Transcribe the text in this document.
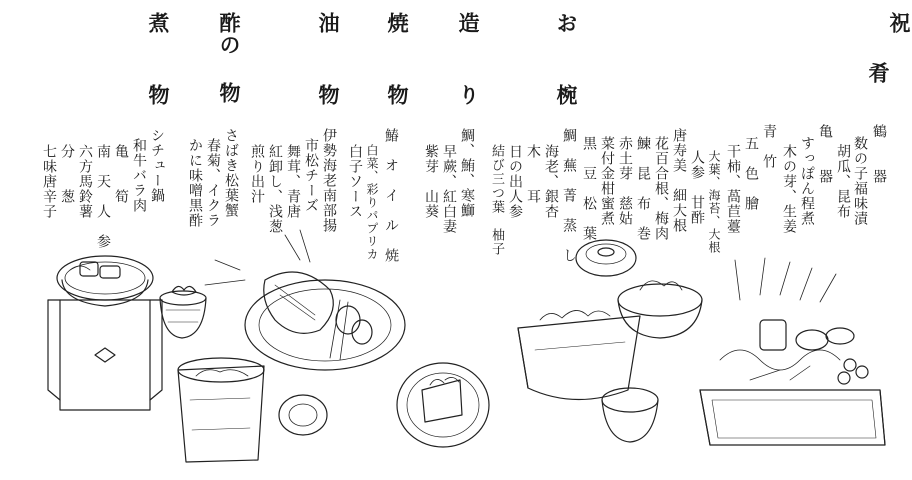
祝
肴
お椀
造り
焼物
油物
酢の物
煮物
鶴　　器
数の子福味漬
胡瓜、昆布
亀　　器
すっぽん程煮
木の芽、生姜
青　竹
五　色　膾
干柿、萵苣薹
大葉、海苔、大根
人参　甘酢
唐寿美　細大根
花百合根、梅肉
鰊　昆　布　巻
赤土芽　慈姑
菜付金柑蜜煮
黒　豆　松　葉
鯛　蕪　菁　蒸　し
海老、銀杏
木　　耳
日の出人参
結び三つ葉　柚子
鯛、鮪、寒鰤
早蕨、紅白妻
紫芽　山葵
鰆　オ　イ　ル　焼
白菜、彩りパプリカ
白子ソース
伊勢海老南部揚
市松チーズ
舞茸、青唐
紅卸し、浅葱
煎り出汁
さばき松葉蟹
春菊、イクラ
かに味噌黒酢
シチュー鍋
和牛バラ肉
亀　　筍
南　天　人　参
六方馬鈴薯
分　　葱
七味唐辛子
